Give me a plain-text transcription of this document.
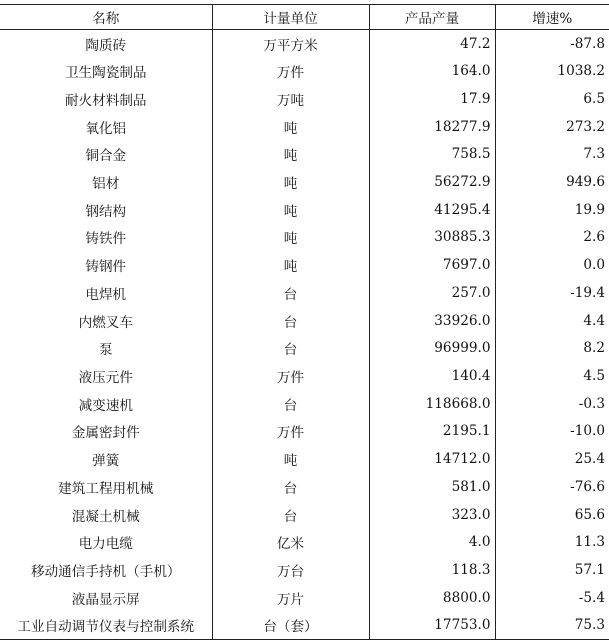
名称	计量单位	产品产量	增速%
陶质砖	万平方米	47.2	-87.8
卫生陶瓷制品	万件	164.0	1038.2
耐火材料制品	万吨	17.9	6.5
氧化铝	吨	18277.9	273.2
铜合金	吨	758.5	7.3
铝材	吨	56272.9	949.6
钢结构	吨	41295.4	19.9
铸铁件	吨	30885.3	2.6
铸钢件	吨	7697.0	0.0
电焊机	台	257.0	-19.4
内燃叉车	台	33926.0	4.4
泵	台	96999.0	8.2
液压元件	万件	140.4	4.5
减变速机	台	118668.0	-0.3
金属密封件	万件	2195.1	-10.0
弹簧	吨	14712.0	25.4
建筑工程用机械	台	581.0	-76.6
混凝土机械	台	323.0	65.6
电力电缆	亿米	4.0	11.3
移动通信手持机（手机）	万台	118.3	57.1
液晶显示屏	万片	8800.0	-5.4
工业自动调节仪表与控制系统	台（套）	17753.0	75.3
